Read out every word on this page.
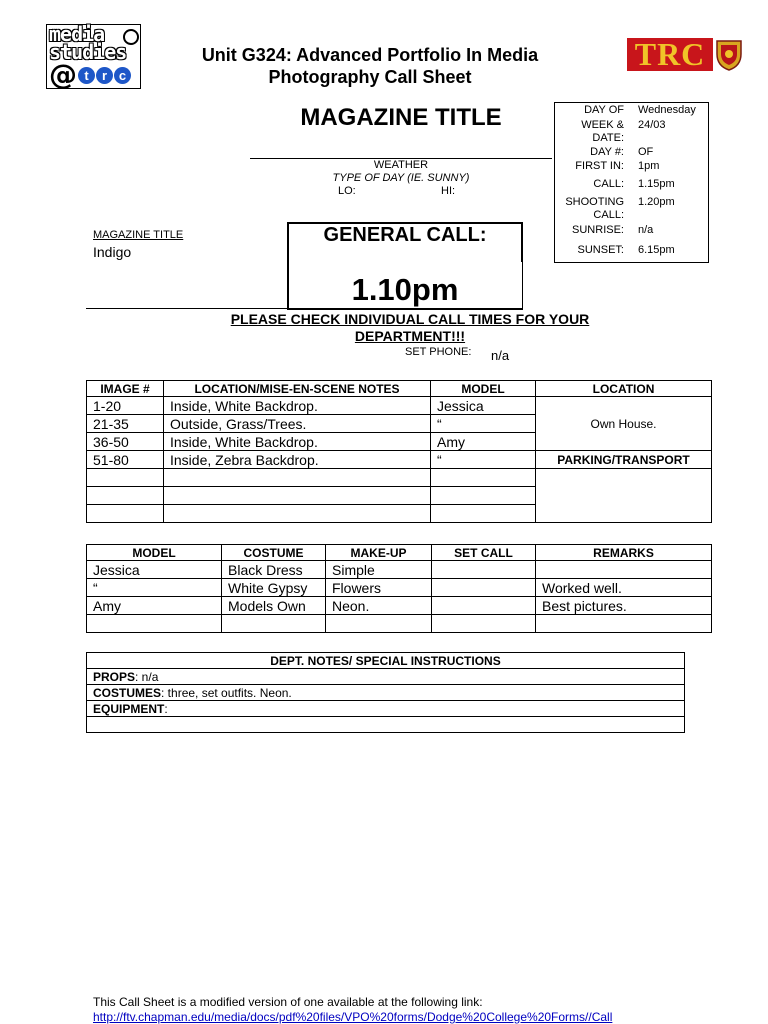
media
studies
@ t	r c
TRC
Unit G324: Advanced Portfolio In Media
Photography Call Sheet
MAGAZINE TITLE
WEATHER
TYPE OF DAY (IE. SUNNY)
LO:	HI:
DAY OF Wednesday
WEEK & 24/03
DATE:
DAY #: OF
FIRST IN: 1pm
CALL: 1.15pm
SHOOTING 1.20pm
CALL:
SUNRISE: n/a
SUNSET: 6.15pm
MAGAZINE TITLE
Indigo
GENERAL CALL:
1.10pm
PLEASE CHECK INDIVIDUAL CALL TIMES FOR YOUR
DEPARTMENT!!!
SET PHONE: n/a
IMAGE #	LOCATION/MISE-EN-SCENE NOTES	MODEL	LOCATION
1-20	Inside, White Backdrop.	Jessica	Own House.
21-35	Outside, Grass/Trees.	“	
36-50	Inside, White Backdrop.	Amy	
51-80	Inside, Zebra Backdrop.	“	PARKING/TRANSPORT

MODEL	COSTUME	MAKE-UP	SET CALL	REMARKS
Jessica	Black Dress	Simple		
“	White Gypsy	Flowers		Worked well.
Amy	Models Own	Neon.		Best pictures.

DEPT. NOTES/ SPECIAL INSTRUCTIONS
PROPS: n/a
COSTUMES: three, set outfits. Neon.
EQUIPMENT:

This Call Sheet is a modified version of one available at the following link:
http://ftv.chapman.edu/media/docs/pdf%20files/VPO%20forms/Dodge%20College%20Forms//Call
